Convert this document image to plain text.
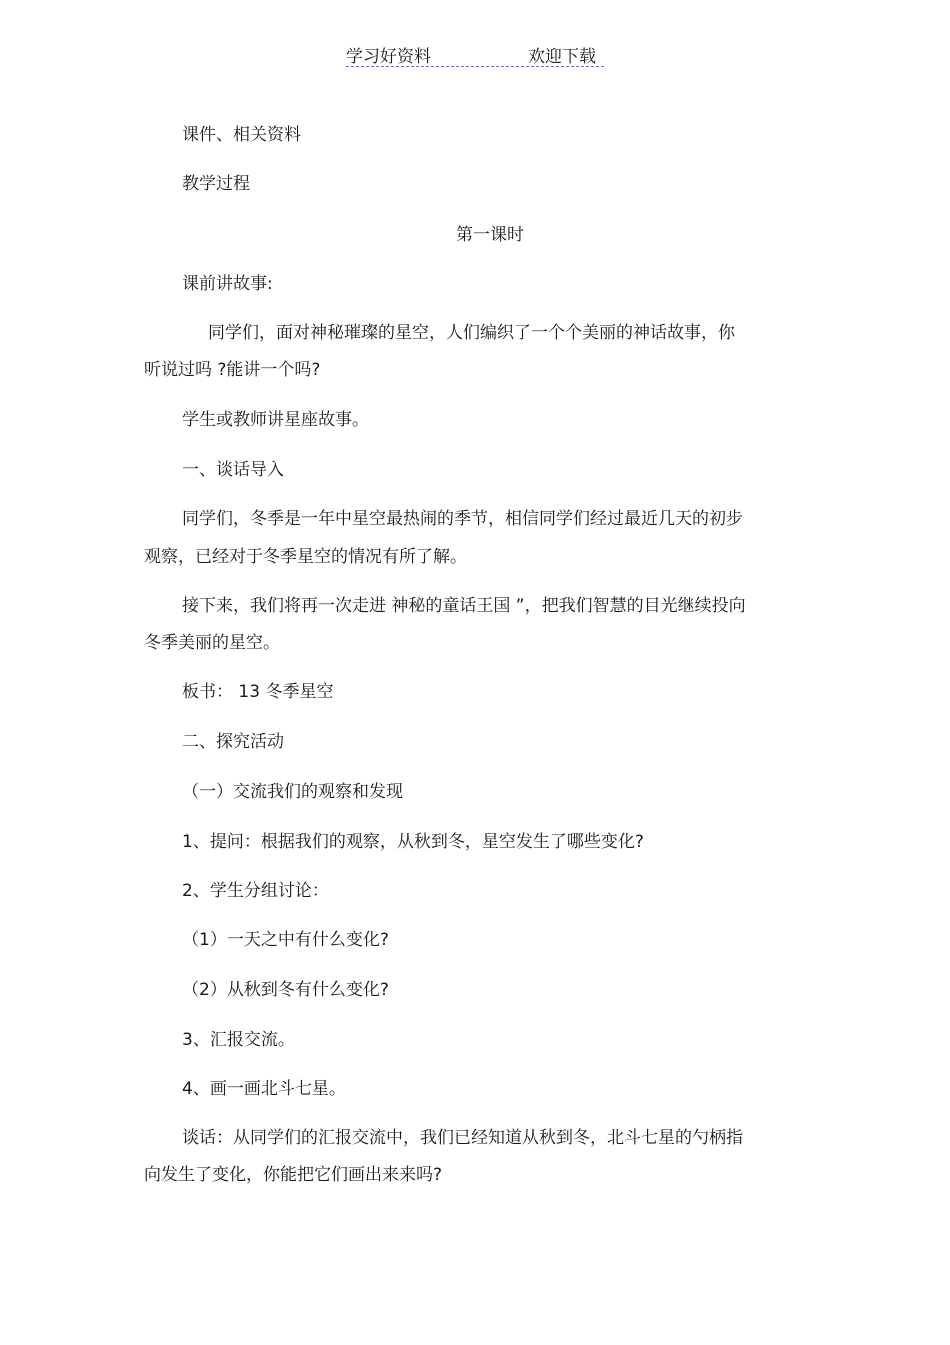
学习好资料	欢迎下载
课件、相关资料
教学过程
第一课时
课前讲故事:
同学们，面对神秘璀璨的星空，人们编织了一个个美丽的神话故事，你
听说过吗 ?能讲一个吗?
学生或教师讲星座故事。
一、谈话导入
同学们，冬季是一年中星空最热闹的季节，相信同学们经过最近几天的初步
观察，已经对于冬季星空的情况有所了解。
接下来，我们将再一次走进 神秘的童话王国 ”，把我们智慧的目光继续投向
冬季美丽的星空。
板书： 13 冬季星空
二、探究活动
（一）交流我们的观察和发现
1、提问：根据我们的观察，从秋到冬，星空发生了哪些变化?
2、学生分组讨论：
（1）一天之中有什么变化?
（2）从秋到冬有什么变化?
3、汇报交流。
4、画一画北斗七星。
谈话：从同学们的汇报交流中，我们已经知道从秋到冬，北斗七星的勺柄指
向发生了变化，你能把它们画出来来吗?
